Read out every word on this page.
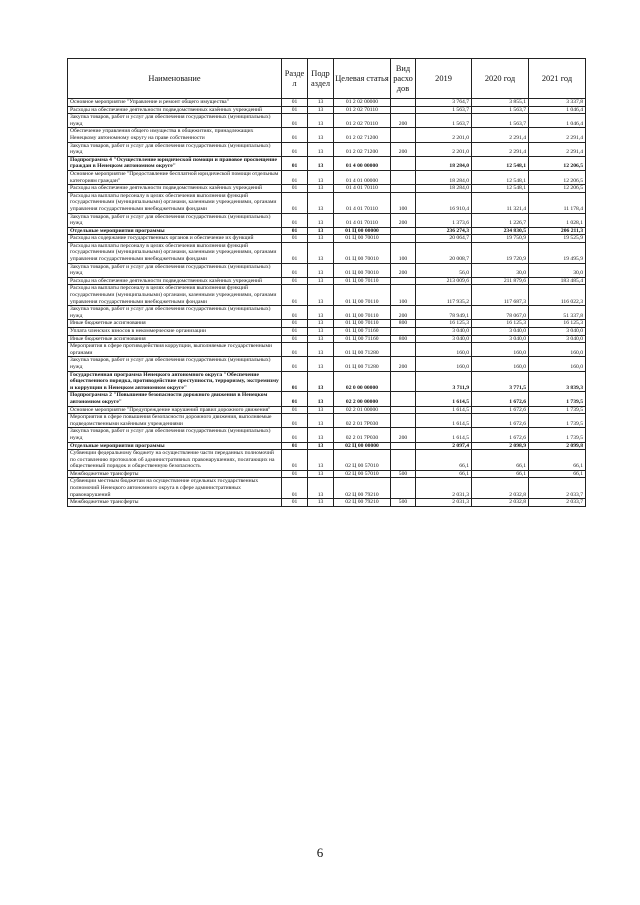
Наименование	Разде л	Подр аздел	Целевая статья	Вид расхо дов	2019	2020 год	2021 год
Основное мероприятие "Управление и ремонт общего имущества"	01	13	01 2 02 00000		3 764,7	3 855,1	3 337,8
Расходы на обеспечение деятельности подведомственных казённых учреждений	01	13	01 2 02 70110		1 563,7	1 563,7	1 046,4
Закупка товаров, работ и услуг для обеспечения государственных (муниципальных) нужд	01	13	01 2 02 70110	200	1 563,7	1 563,7	1 046,4
Обеспечение управления общего имущества в общежитиях, принадлежащих Ненецкому автономному округу на праве собственности	01	13	01 2 02 71200		2 201,0	2 291,4	2 291,4
Закупка товаров, работ и услуг для обеспечения государственных (муниципальных) нужд	01	13	01 2 02 71200	200	2 201,0	2 291,4	2 291,4
Подпрограмма 4 "Осуществление юридической помощи и правовое просвещение граждан в Ненецком автономном округе"	01	13	01 4 00 00000		18 284,0	12 548,1	12 206,5
Основное мероприятие "Предоставление бесплатной юридической помощи отдельным категориям граждан"	01	13	01 4 01 00000		18 284,0	12 548,1	12 206,5
Расходы на обеспечение деятельности подведомственных казённых учреждений	01	13	01 4 01 70110		18 284,0	12 548,1	12 206,5
Расходы на выплаты персоналу в целях обеспечения выполнения функций государственными (муниципальными) органами, казенными учреждениями, органами управления государственными внебюджетными фондами	01	13	01 4 01 70110	100	16 910,4	11 321,4	11 178,4
Закупка товаров, работ и услуг для обеспечения государственных (муниципальных) нужд	01	13	01 4 01 70110	200	1 373,6	1 226,7	1 028,1
Отдельные мероприятия программы	01	13	01 Ц 00 00000		236 274,3	234 830,5	206 211,3
Расходы на содержание государственных органов и обеспечение их функций	01	13	01 Ц 00 70010		20 064,7	19 750,9	19 525,9
Расходы на выплаты персоналу в целях обеспечения выполнения функций государственными (муниципальными) органами, казенными учреждениями, органами управления государственными внебюджетными фондами	01	13	01 Ц 00 70010	100	20 008,7	19 720,9	19 495,9
Закупка товаров, работ и услуг для обеспечения государственных (муниципальных) нужд	01	13	01 Ц 00 70010	200	56,0	30,0	30,0
Расходы на обеспечение деятельности подведомственных казённых учреждений	01	13	01 Ц 00 70110		213 009,6	211 879,6	183 485,4
Расходы на выплаты персоналу в целях обеспечения выполнения функций государственными (муниципальными) органами, казенными учреждениями, органами управления государственными внебюджетными фондами	01	13	01 Ц 00 70110	100	117 935,2	117 687,3	116 022,3
Закупка товаров, работ и услуг для обеспечения государственных (муниципальных) нужд	01	13	01 Ц 00 70110	200	78 949,1	78 067,0	51 337,8
Иные бюджетные ассигнования	01	13	01 Ц 00 70110	800	16 125,3	16 125,3	16 125,3
Уплата членских взносов в некоммерческие организации	01	13	01 Ц 00 71160		3 040,0	3 040,0	3 040,0
Иные бюджетные ассигнования	01	13	01 Ц 00 71160	800	3 040,0	3 040,0	3 040,0
Мероприятия в сфере противодействия коррупции, выполняемые государственными органами	01	13	01 Ц 00 71280		160,0	160,0	160,0
Закупка товаров, работ и услуг для обеспечения государственных (муниципальных) нужд	01	13	01 Ц 00 71280	200	160,0	160,0	160,0
Государственная программа Ненецкого автономного округа "Обеспечение общественного порядка, противодействие преступности, терроризму, экстремизму и коррупции в Ненецком автономном округе"	01	13	02 0 00 00000		3 711,9	3 771,5	3 839,3
Подпрограмма 2 "Повышение безопасности дорожного движения в Ненецком автономном округе"	01	13	02 2 00 00000		1 614,5	1 672,6	1 739,5
Основное мероприятие "Предупреждение нарушений правил дорожного движения"	01	13	02 2 01 00000		1 614,5	1 672,6	1 739,5
Мероприятия в сфере повышения безопасности дорожного движения, выполняемые подведомственными казёнными учреждениями	01	13	02 2 01 7Р030		1 614,5	1 672,6	1 739,5
Закупка товаров, работ и услуг для обеспечения государственных (муниципальных) нужд	01	13	02 2 01 7Р030	200	1 614,5	1 672,6	1 739,5
Отдельные мероприятия программы	01	13	02 Ц 00 00000		2 097,4	2 098,9	2 099,8
Субвенции федеральному бюджету на осуществление части переданных полномочий по составлению протоколов об административных правонарушениях, посягающих на общественный порядок и общественную безопасность	01	13	02 Ц 00 57010		66,1	66,1	66,1
Межбюджетные трансферты	01	13	02 Ц 00 57010	500	66,1	66,1	66,1
Субвенции местным бюджетам на осуществление отдельных государственных полномочий Ненецкого автономного округа в сфере административных правонарушений	01	13	02 Ц 00 79210		2 031,3	2 032,8	2 033,7
Межбюджетные трансферты	01	13	02 Ц 00 79210	500	2 031,3	2 032,8	2 033,7
6
